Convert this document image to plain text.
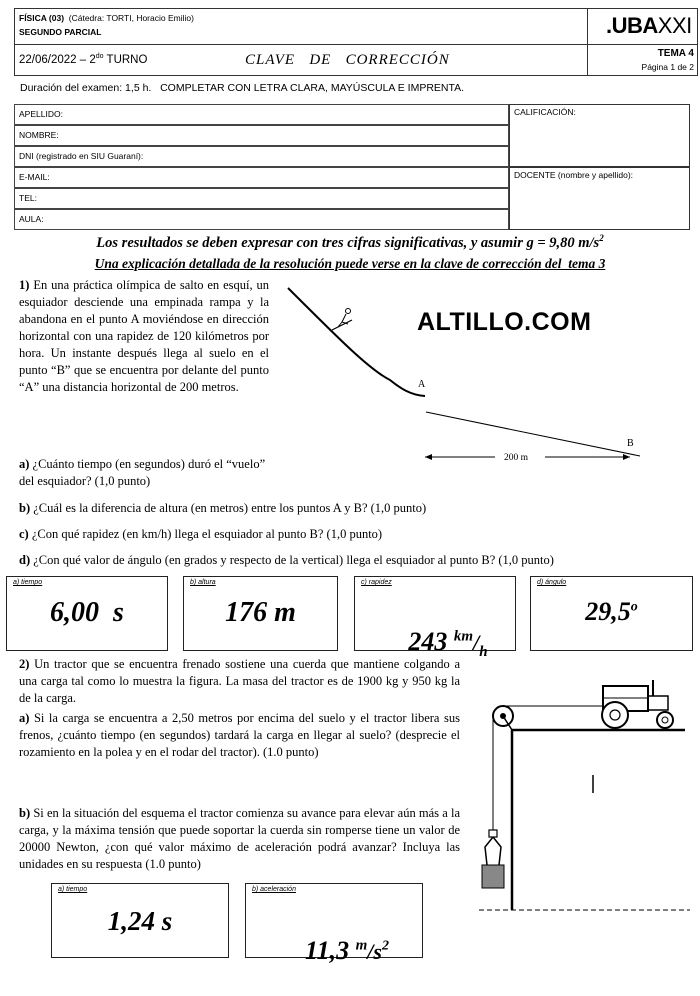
FÍSICA (03) (Cátedra: TORTI, Horacio Emilio)
SEGUNDO PARCIAL	.UBAXXI
$22/06/2022 - 2^{do}$ TURNO	CLAVE   DE   CORRECCIÓN	TEMA 4
Página 1 de 2
Duración del examen: 1,5 h.   COMPLETAR CON LETRA CLARA, MAYÚSCULA E IMPRENTA.
APELLIDO:
NOMBRE:
DNI (registrado en SIU Guaraní):
E-MAIL:
TEL:
AULA:
CALIFICACIÓN:
DOCENTE (nombre y apellido):
Los resultados se deben expresar con tres cifras significativas, y asumir g = 9,80 $m/s^2$
Una explicación detallada de la resolución puede verse en la clave de corrección del  tema 3
1) En una práctica olímpica de salto en esquí, un esquiador desciende una empinada rampa y la abandona en el punto A moviéndose en dirección horizontal con una rapidez de 120 kilómetros por hora. Un instante después llega al suelo en el punto “B” que se encuentra por delante del punto “A” una distancia horizontal de 200 metros.
a) ¿Cuánto tiempo (en segundos) duró el “vuelo” del esquiador? (1,0 punto)
ALTILLO.COM
A
B
200 m
b) ¿Cuál es la diferencia de altura (en metros) entre los puntos A y B? (1,0 punto)
c) ¿Con qué rapidez (en km/h) llega el esquiador al punto B? (1,0 punto)
d) ¿Con qué valor de ángulo (en grados y respecto de la vertical) llega el esquiador al punto B? (1,0 punto)
a) tiempo
6,00  s
b) altura
176 m
c) rapidez

243 $^{km}/_h$

d) ángulo
29,5$^o$
2) Un tractor que se encuentra frenado sostiene una cuerda que mantiene colgando a una carga tal como lo muestra la figura. La masa del tractor es de 1900 kg y 950 kg la de la carga.
a) Si la carga se encuentra a 2,50 metros por encima del suelo y el tractor libera sus frenos, ¿cuánto tiempo (en segundos) tardará la carga en llegar al suelo? (desprecie el rozamiento en la polea y en el rodar del tractor). (1.0 punto)
b) Si en la situación del esquema el tractor comienza su avance para elevar aún más a la carga, y la máxima tensión que puede soportar la cuerda sin romperse tiene un valor de 20000 Newton, ¿con qué valor máximo de aceleración podrá avanzar? Incluya las unidades en su respuesta (1.0 punto)
a) tiempo
1,24 s
b) aceleración

11,3 $^m/s^2$
